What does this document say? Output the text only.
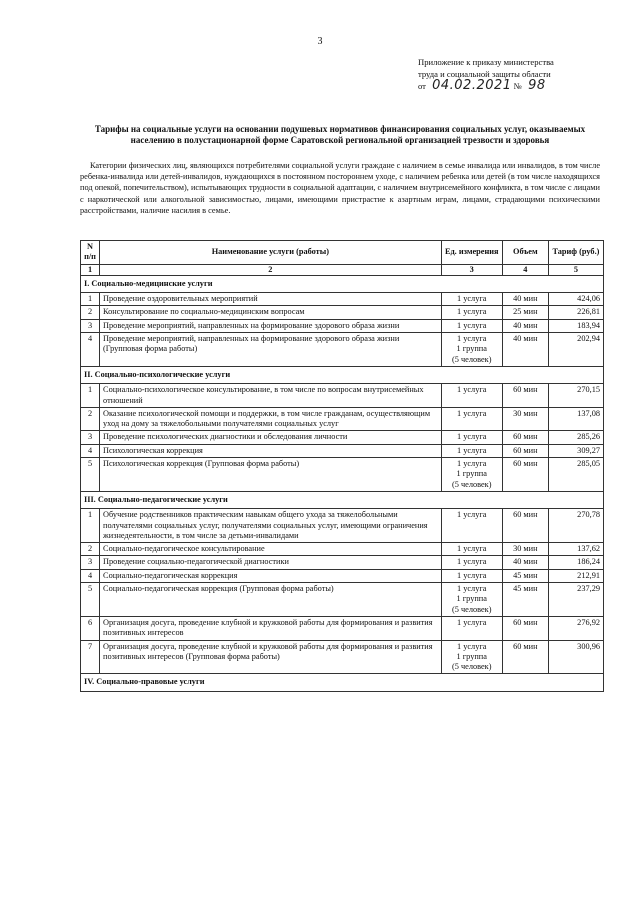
3
Приложение к приказу министерства
труда и социальной защиты области
от 04.02.2021 № 98
Тарифы на социальные услуги на основании подушевых нормативов финансирования социальных услуг, оказываемых населению в полустационарной форме Саратовской региональной организацией трезвости и здоровья
Категории физических лиц, являющихся потребителями социальной услуги граждане с наличием в семье инвалида или инвалидов, в том числе ребенка-инвалида или детей-инвалидов, нуждающихся в постоянном постороннем уходе, с наличием ребенка или детей (в том числе находящихся под опекой, попечительством), испытывающих трудности в социальной адаптации, с наличием внутрисемейного конфликта, в том числе с лицами с наркотической или алкогольной зависимостью, лицами, имеющими пристрастие к азартным играм, лицами, страдающими психическими расстройствами, наличие насилия в семье.
N п/п	Наименование услуги (работы)	Ед. измерения	Объем	Тариф (руб.)
1	2	3	4	5
I. Социально-медицинские услуги				
1	Проведение оздоровительных мероприятий	1 услуга	40 мин	424,06
2	Консультирование по социально-медицинским вопросам	1 услуга	25 мин	226,81
3	Проведение мероприятий, направленных на формирование здорового образа жизни	1 услуга	40 мин	183,94
4	Проведение мероприятий, направленных на формирование здорового образа жизни (Групповая форма работы)	1 услуга
1 группа
(5 человек)	40 мин	202,94
II. Социально-психологические услуги				
1	Социально-психологическое консультирование, в том числе по вопросам внутрисемейных отношений	1 услуга	60 мин	270,15
2	Оказание психологической помощи и поддержки, в том числе гражданам, осуществляющим уход на дому за тяжелобольными получателями социальных услуг	1 услуга	30 мин	137,08
3	Проведение психологических диагностики и обследования личности	1 услуга	60 мин	285,26
4	Психологическая коррекция	1 услуга	60 мин	309,27
5	Психологическая коррекция (Групповая форма работы)	1 услуга
1 группа
(5 человек)	60 мин	285,05
III. Социально-педагогические услуги				
1	Обучение родственников практическим навыкам общего ухода за тяжелобольными получателями социальных услуг, получателями социальных услуг, имеющими ограничения жизнедеятельности, в том числе за детьми-инвалидами	1 услуга	60 мин	270,78
2	Социально-педагогическое консультирование	1 услуга	30 мин	137,62
3	Проведение социально-педагогической диагностики	1 услуга	40 мин	186,24
4	Социально-педагогическая коррекция	1 услуга	45 мин	212,91
5	Социально-педагогическая коррекция (Групповая форма работы)	1 услуга
1 группа
(5 человек)	45 мин	237,29
6	Организация досуга, проведение клубной и кружковой работы для формирования и развития позитивных интересов	1 услуга	60 мин	276,92
7	Организация досуга, проведение клубной и кружковой работы для формирования и развития позитивных интересов (Групповая форма работы)	1 услуга
1 группа
(5 человек)	60 мин	300,96
IV. Социально-правовые услуги				
